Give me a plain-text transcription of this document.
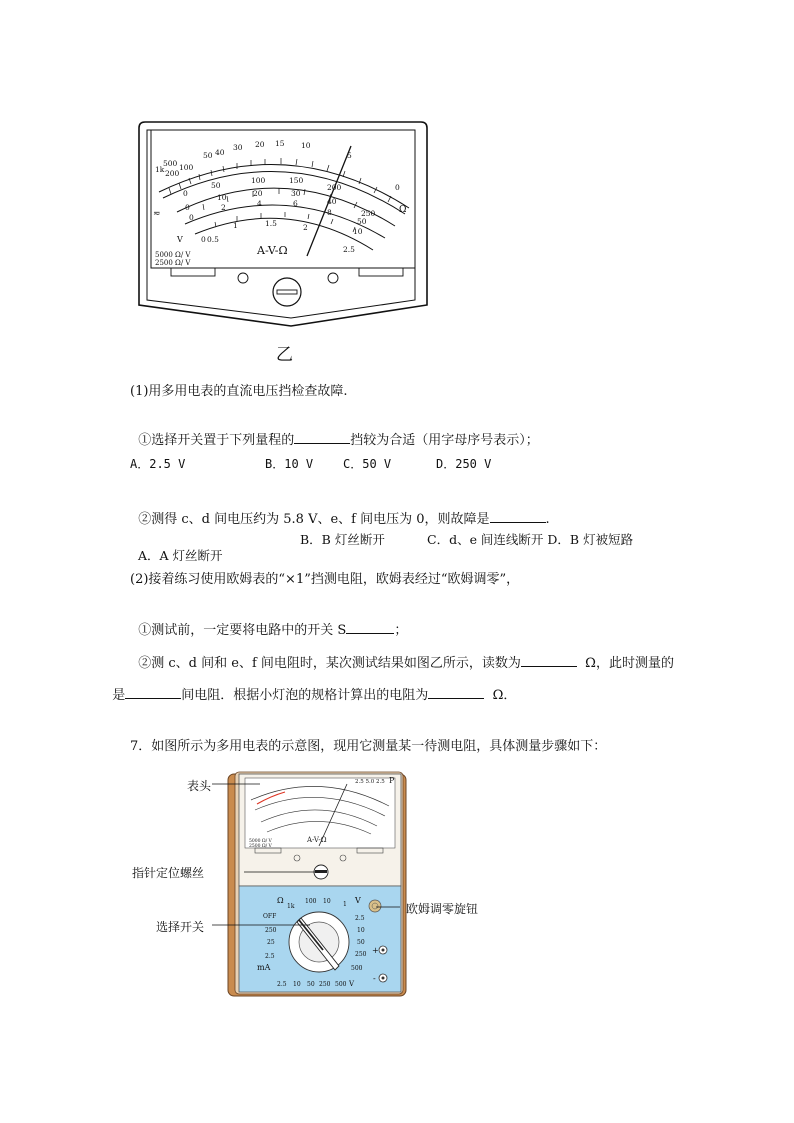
1k
500
200
100
50 40
30 20 15 10
5
0
0
50
100	150
200
250
0
10	20	30
40
50
0
2	4	6
8
10
0 0.5
1	1.5	2
2.5
Ω
≂
V
A-V-Ω
5000 Ω/ V
2500 Ω/ V
乙
(1)用多用电表的直流电压挡检查故障.

①选择开关置于下列量程的	挡较为合适（用字母序号表示）；

A．2.5 V	B．10 V C．50 V	D．250 V

②测得 c、d 间电压约为 5.8 V、e、f 间电压为 0，则故障是	.

A．A 灯丝断开

B．B 灯丝断开	C．d、e 间连线断开 D．B 灯被短路
(2)接着练习使用欧姆表的“×1”挡测电阻，欧姆表经过“欧姆调零”，

①测试前，一定要将电路中的开关 S	；

②测 c、d 间和 e、f 间电阻时，某次测试结果如图乙所示，读数为	Ω，此时测量的

是	间电阻．根据小灯泡的规格计算出的电阻为	Ω．

7．如图所示为多用电表的示意图，现用它测量某一待测电阻，具体测量步骤如下：
2.5 5.0 2.5 P
A-V-Ω
5000 Ω/ V
2500 Ω/ V
Ω
1k
100 10 1 V
OFF
250
25
2.5
mA
2.5
10
50
250
500
2.5 10 50 250 500 V
+
-
表头
指针定位螺丝
选择开关
欧姆调零旋钮
